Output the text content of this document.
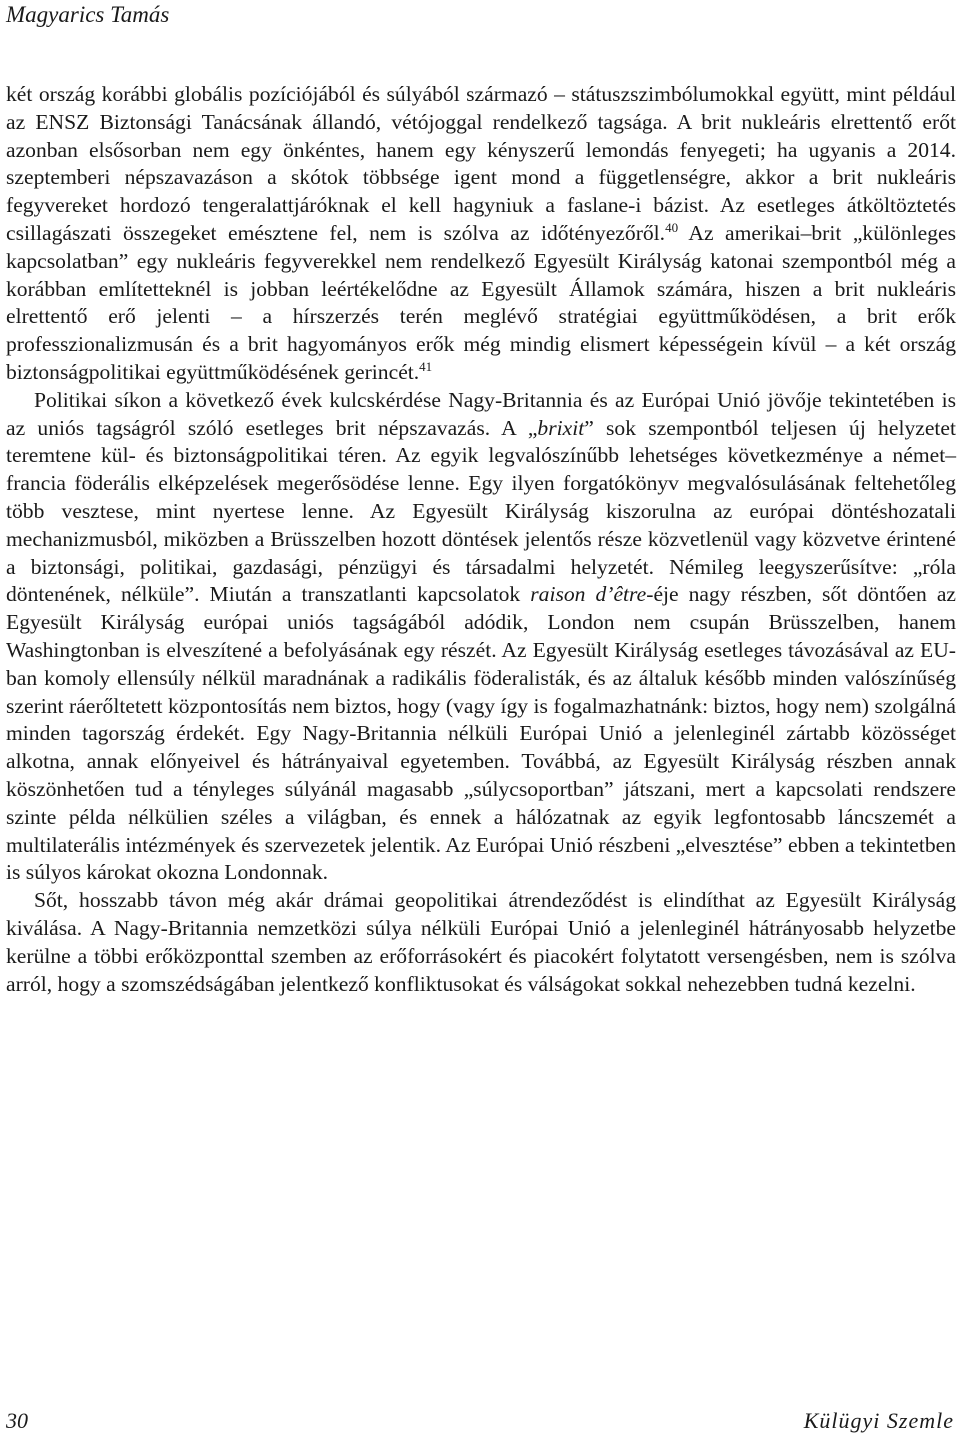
Magyarics Tamás

két ország korábbi globális pozíciójából és súlyából származó – státuszszimbólumokkal együtt, mint például az ENSZ Biztonsági Tanácsának állandó, vétójoggal rendelkező tagsága. A brit nukleáris elrettentő erőt azonban elsősorban nem egy önkéntes, hanem egy kényszerű lemondás fenyegeti; ha ugyanis a 2014. szeptemberi népszavazáson a skótok többsége igent mond a függetlenségre, akkor a brit nukleáris fegyvereket hordozó tengeralattjáróknak el kell hagyniuk a faslane-i bázist. Az esetleges átköltöztetés csillagászati összegeket emésztene fel, nem is szólva az időtényezőről.$^{40}$ Az amerikai–brit „különleges kapcsolatban” egy nukleáris fegyverekkel nem rendelkező Egyesült Királyság katonai szempontból még a korábban említetteknél is jobban leértékelődne az Egyesült Államok számára, hiszen a brit nukleáris elrettentő erő jelenti – a hírszerzés terén meglévő stratégiai együttműködésen, a brit erők professzionalizmusán és a brit hagyományos erők még mindig elismert képességein kívül – a két ország biztonságpolitikai együttműködésének gerincét.$^{41}$

Politikai síkon a következő évek kulcskérdése Nagy-Britannia és az Európai Unió jövője tekintetében is az uniós tagságról szóló esetleges brit népszavazás. A „brixit” sok szempontból teljesen új helyzetet teremtene kül- és biztonságpolitikai téren. Az egyik legvalószínűbb lehetséges következménye a német–francia föderális elképzelések megerősödése lenne. Egy ilyen forgatókönyv megvalósulásának feltehetőleg több vesztese, mint nyertese lenne. Az Egyesült Királyság kiszorulna az európai döntéshozatali mechanizmusból, miközben a Brüsszelben hozott döntések jelentős része közvetlenül vagy közvetve érintené a biztonsági, politikai, gazdasági, pénzügyi és társadalmi helyzetét. Némileg leegyszerűsítve: „róla döntenének, nélküle”. Miután a transzatlanti kapcsolatok raison d’être-éje nagy részben, sőt döntően az Egyesült Királyság európai uniós tagságából adódik, London nem csupán Brüsszelben, hanem Washingtonban is elveszítené a befolyásának egy részét. Az Egyesült Királyság esetleges távozásával az EU-ban komoly ellensúly nélkül maradnának a radikális föderalisták, és az általuk később minden valószínűség szerint ráerőltetett központosítás nem biztos, hogy (vagy így is fogalmazhatnánk: biztos, hogy nem) szolgálná minden tagország érdekét. Egy Nagy-Britannia nélküli Európai Unió a jelenleginél zártabb közösséget alkotna, annak előnyeivel és hátrányaival egyetemben. Továbbá, az Egyesült Királyság részben annak köszönhetően tud a tényleges súlyánál magasabb „súlycsoportban” játszani, mert a kapcsolati rendszere szinte példa nélkülien széles a világban, és ennek a hálózatnak az egyik legfontosabb láncszemét a multilaterális intézmények és szervezetek jelentik. Az Európai Unió részbeni „elvesztése” ebben a tekintetben is súlyos károkat okozna Londonnak.

Sőt, hosszabb távon még akár drámai geopolitikai átrendeződést is elindíthat az Egyesült Királyság kiválása. A Nagy-Britannia nemzetközi súlya nélküli Európai Unió a jelenleginél hátrányosabb helyzetbe kerülne a többi erőközponttal szemben az erőforrásokért és piacokért folytatott versengésben, nem is szólva arról, hogy a szomszédságában jelentkező konfliktusokat és válságokat sokkal nehezebben tudná kezelni.

30	Külügyi Szemle
